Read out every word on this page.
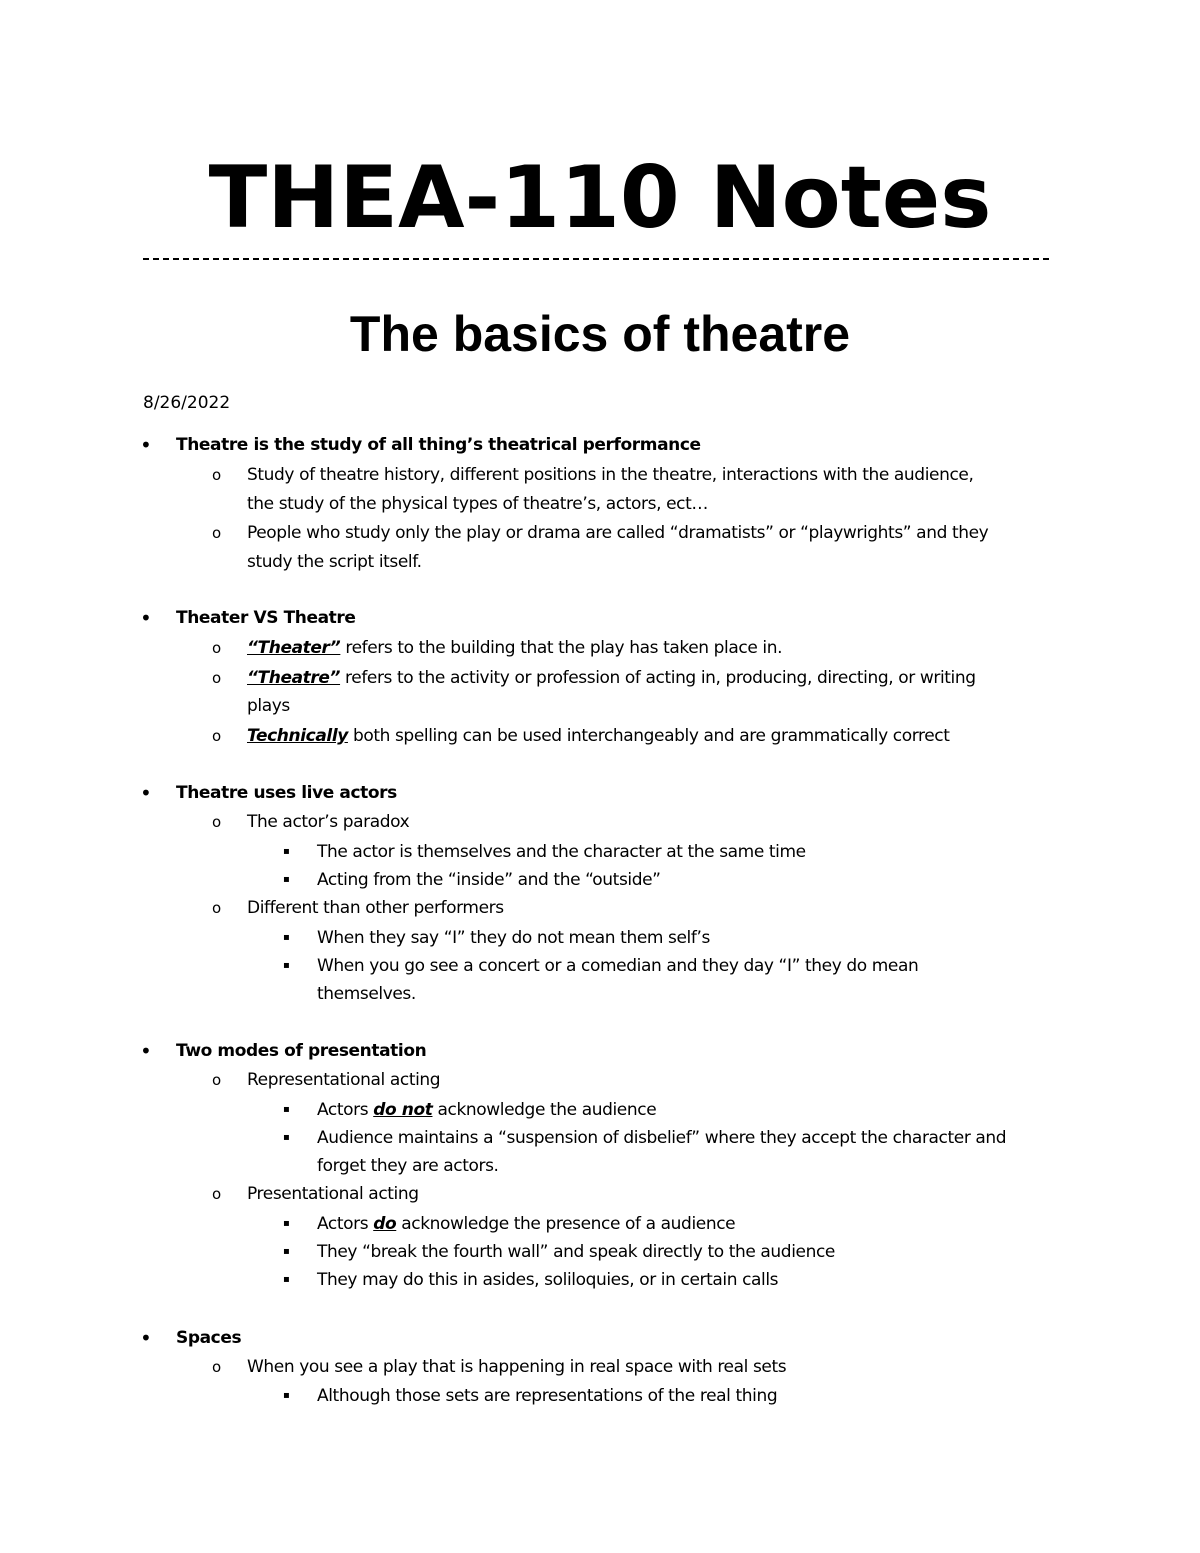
THEA-110 Notes
The basics of theatre
8/26/2022
• Theatre is the study of all thing’s theatrical performance
o Study of theatre history, different positions in the theatre, interactions with the audience,
the study of the physical types of theatre’s, actors, ect…
o People who study only the play or drama are called “dramatists” or “playwrights” and they
study the script itself.
• Theater VS Theatre
o “Theater” refers to the building that the play has taken place in.
o “Theatre” refers to the activity or profession of acting in, producing, directing, or writing
plays
o Technically both spelling can be used interchangeably and are grammatically correct
• Theatre uses live actors
o The actor’s paradox
▪ The actor is themselves and the character at the same time
▪ Acting from the “inside” and the “outside”
o Different than other performers
▪ When they say “I” they do not mean them self’s
▪ When you go see a concert or a comedian and they day “I” they do mean
themselves.
• Two modes of presentation
o Representational acting
▪ Actors do not acknowledge the audience
▪ Audience maintains a “suspension of disbelief” where they accept the character and
forget they are actors.
o Presentational acting
▪ Actors do acknowledge the presence of a audience
▪ They “break the fourth wall” and speak directly to the audience
▪ They may do this in asides, soliloquies, or in certain calls
• Spaces
o When you see a play that is happening in real space with real sets
▪ Although those sets are representations of the real thing
